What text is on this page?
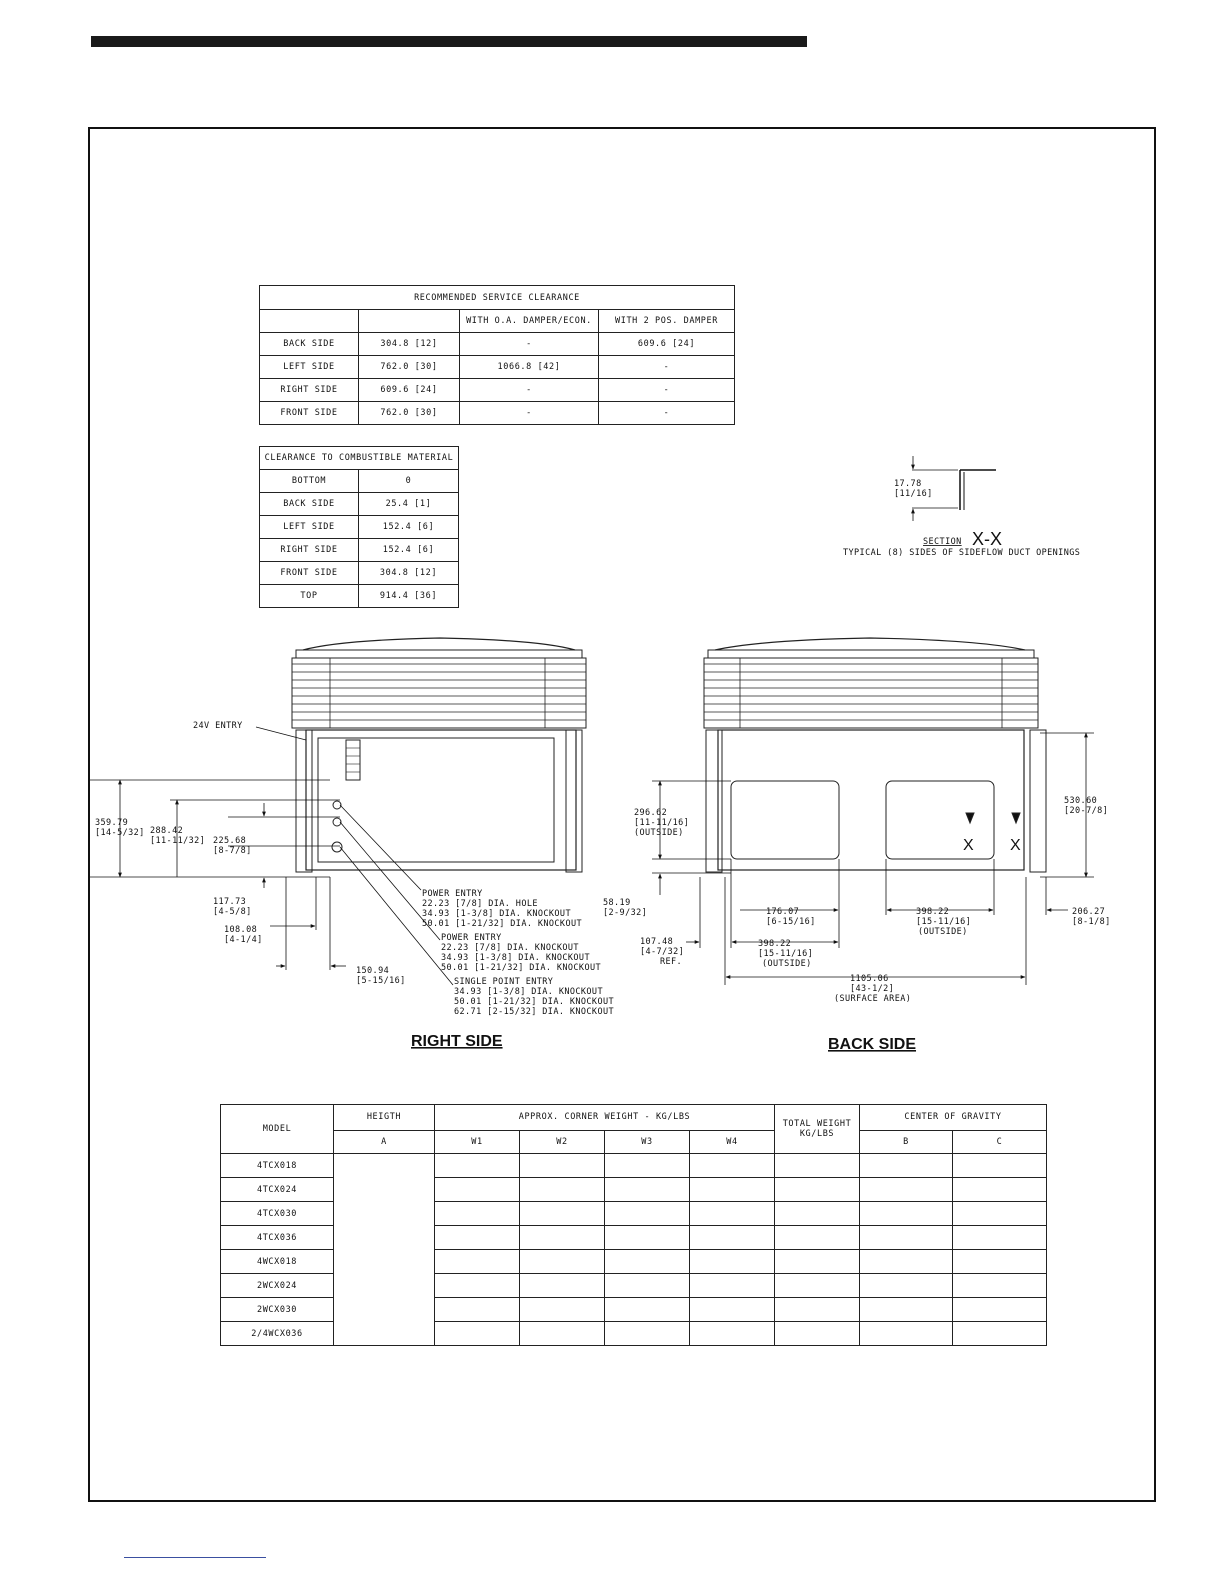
RECOMMENDED SERVICE CLEARANCE			
		WITH O.A. DAMPER/ECON.	WITH 2 POS. DAMPER
BACK SIDE	304.8 [12]	-	609.6 [24]
LEFT SIDE	762.0 [30]	1066.8 [42]	-
RIGHT SIDE	609.6 [24]	-	-
FRONT SIDE	762.0 [30]	-	-
CLEARANCE TO COMBUSTIBLE MATERIAL	
BOTTOM	0
BACK SIDE	25.4 [1]
LEFT SIDE	152.4 [6]
RIGHT SIDE	152.4 [6]
FRONT SIDE	304.8 [12]
TOP	914.4 [36]
17.78
[11/16]
SECTION X-X
TYPICAL (8) SIDES OF SIDEFLOW DUCT OPENINGS
24V ENTRY
359.79
[14-5/32] 288.42
[11-11/32] 225.68
[8-7/8]
117.73
[4-5/8]
108.08
[4-1/4]
150.94
[5-15/16]
POWER ENTRY
22.23 [7/8] DIA. HOLE
34.93 [1-3/8] DIA. KNOCKOUT
50.01 [1-21/32] DIA. KNOCKOUT
POWER ENTRY
22.23 [7/8] DIA. KNOCKOUT
34.93 [1-3/8] DIA. KNOCKOUT
50.01 [1-21/32] DIA. KNOCKOUT
SINGLE POINT ENTRY
34.93 [1-3/8] DIA. KNOCKOUT
50.01 [1-21/32] DIA. KNOCKOUT
62.71 [2-15/32] DIA. KNOCKOUT
RIGHT SIDE
X X
296.62
[11-11/16]
(OUTSIDE)
530.60
[20-7/8]
58.19
[2-9/32]	176.07
[6-15/16]
398.22
[15-11/16]
(OUTSIDE)
398.22
[15-11/16]
(OUTSIDE)
206.27
[8-1/8]
107.48
[4-7/32]
REF.
1105.06
[43-1/2]
(SURFACE AREA)
BACK SIDE
MODEL	HEIGTH	APPROX. CORNER WEIGHT - KG/LBS				TOTAL WEIGHT KG/LBS	CENTER OF GRAVITY	
	A	W1	W2	W3	W4		B	C
4TCX018								
4TCX024								
4TCX030								
4TCX036								
4WCX018								
2WCX024								
2WCX030								
2/4WCX036								
